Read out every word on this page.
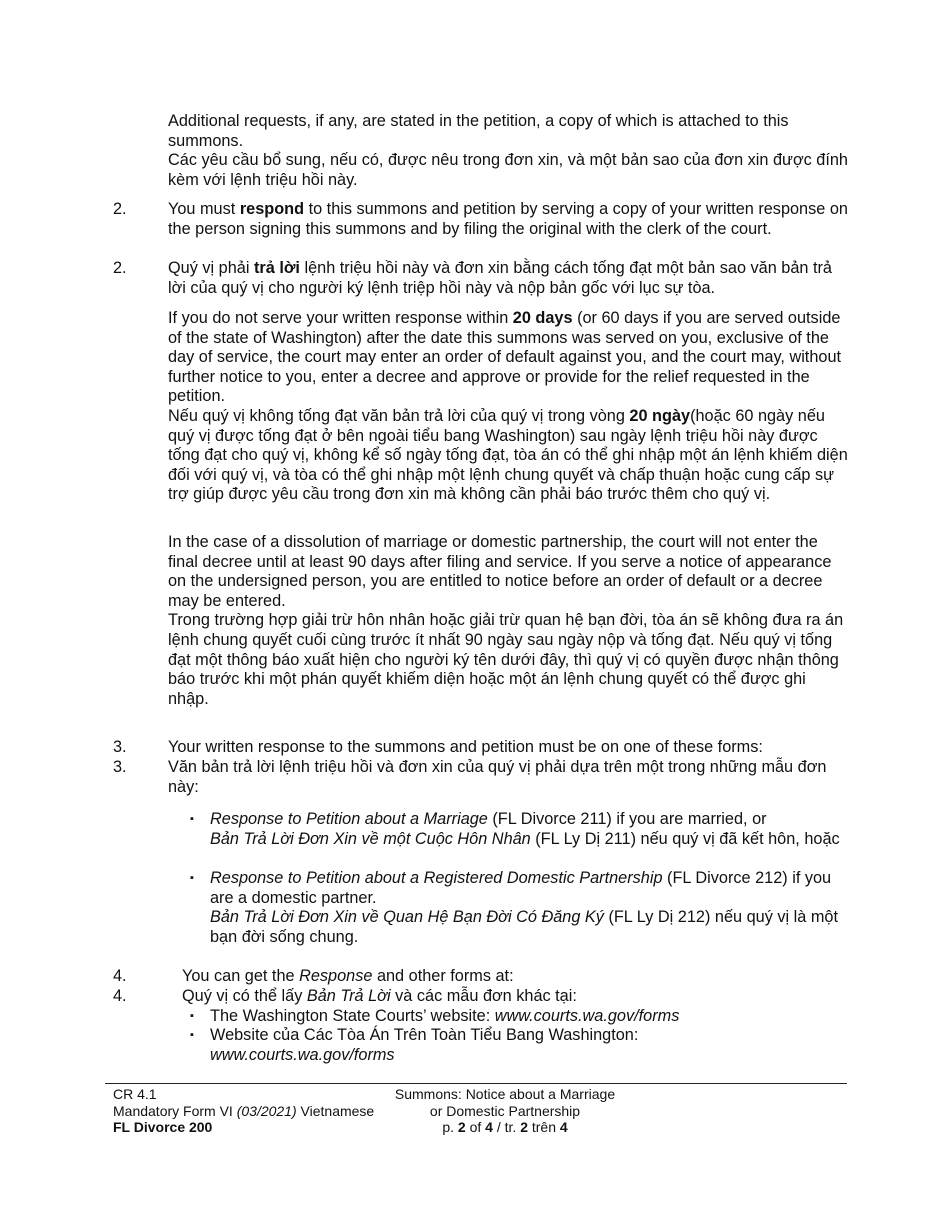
Additional requests, if any, are stated in the petition, a copy of which is attached to this summons.
Các yêu cầu bổ sung, nếu có, được nêu trong đơn xin, và một bản sao của đơn xin được đính kèm với lệnh triệu hồi này.

2.	You must respond to this summons and petition by serving a copy of your written response on the person signing this summons and by filing the original with the clerk of the court.

2.	Quý vị phải trả lời lệnh triệu hồi này và đơn xin bằng cách tống đạt một bản sao văn bản trả lời của quý vị cho người ký lệnh triệp hồi này và nộp bản gốc với lục sự tòa.

If you do not serve your written response within 20 days (or 60 days if you are served outside of the state of Washington) after the date this summons was served on you, exclusive of the day of service, the court may enter an order of default against you, and the court may, without further notice to you, enter a decree and approve or provide for the relief requested in the petition.
Nếu quý vị không tống đạt văn bản trả lời của quý vị trong vòng 20 ngày(hoặc 60 ngày nếu quý vị được tống đạt ở bên ngoài tiểu bang Washington) sau ngày lệnh triệu hồi này được tống đạt cho quý vị, không kể số ngày tống đạt, tòa án có thể ghi nhập một án lệnh khiếm diện đối với quý vị, và tòa có thể ghi nhập một lệnh chung quyết và chấp thuận hoặc cung cấp sự trợ giúp được yêu cầu trong đơn xin mà không cần phải báo trước thêm cho quý vị.

In the case of a dissolution of marriage or domestic partnership, the court will not enter the final decree until at least 90 days after filing and service. If you serve a notice of appearance on the undersigned person, you are entitled to notice before an order of default or a decree may be entered.
Trong trường hợp giải trừ hôn nhân hoặc giải trừ quan hệ bạn đời, tòa án sẽ không đưa ra án lệnh chung quyết cuối cùng trước ít nhất 90 ngày sau ngày nộp và tống đạt. Nếu quý vị tống đạt một thông báo xuất hiện cho người ký tên dưới đây, thì quý vị có quyền được nhận thông báo trước khi một phán quyết khiếm diện hoặc một án lệnh chung quyết có thể được ghi nhập.

3.	Your written response to the summons and petition must be on one of these forms:

3.	Văn bản trả lời lệnh triệu hồi và đơn xin của quý vị phải dựa trên một trong những mẫu đơn này:

▪ Response to Petition about a Marriage (FL Divorce 211) if you are married, or
Bản Trả Lời Đơn Xin về một Cuộc Hôn Nhân (FL Ly Dị 211) nếu quý vị đã kết hôn, hoặc

▪ Response to Petition about a Registered Domestic Partnership (FL Divorce 212) if you are a domestic partner.
Bản Trả Lời Đơn Xin về Quan Hệ Bạn Đời Có Đăng Ký (FL Ly Dị 212) nếu quý vị là một bạn đời sống chung.

4.	You can get the Response and other forms at:

4.	Quý vị có thể lấy Bản Trả Lời và các mẫu đơn khác tại:

▪ The Washington State Courts’ website: www.courts.wa.gov/forms

▪ Website của Các Tòa Án Trên Toàn Tiểu Bang Washington:
www.courts.wa.gov/forms

CR 4.1
Mandatory Form VI (03/2021) Vietnamese
FL Divorce 200
Summons: Notice about a Marriage
or Domestic Partnership
p. 2 of 4 / tr. 2 trên 4
